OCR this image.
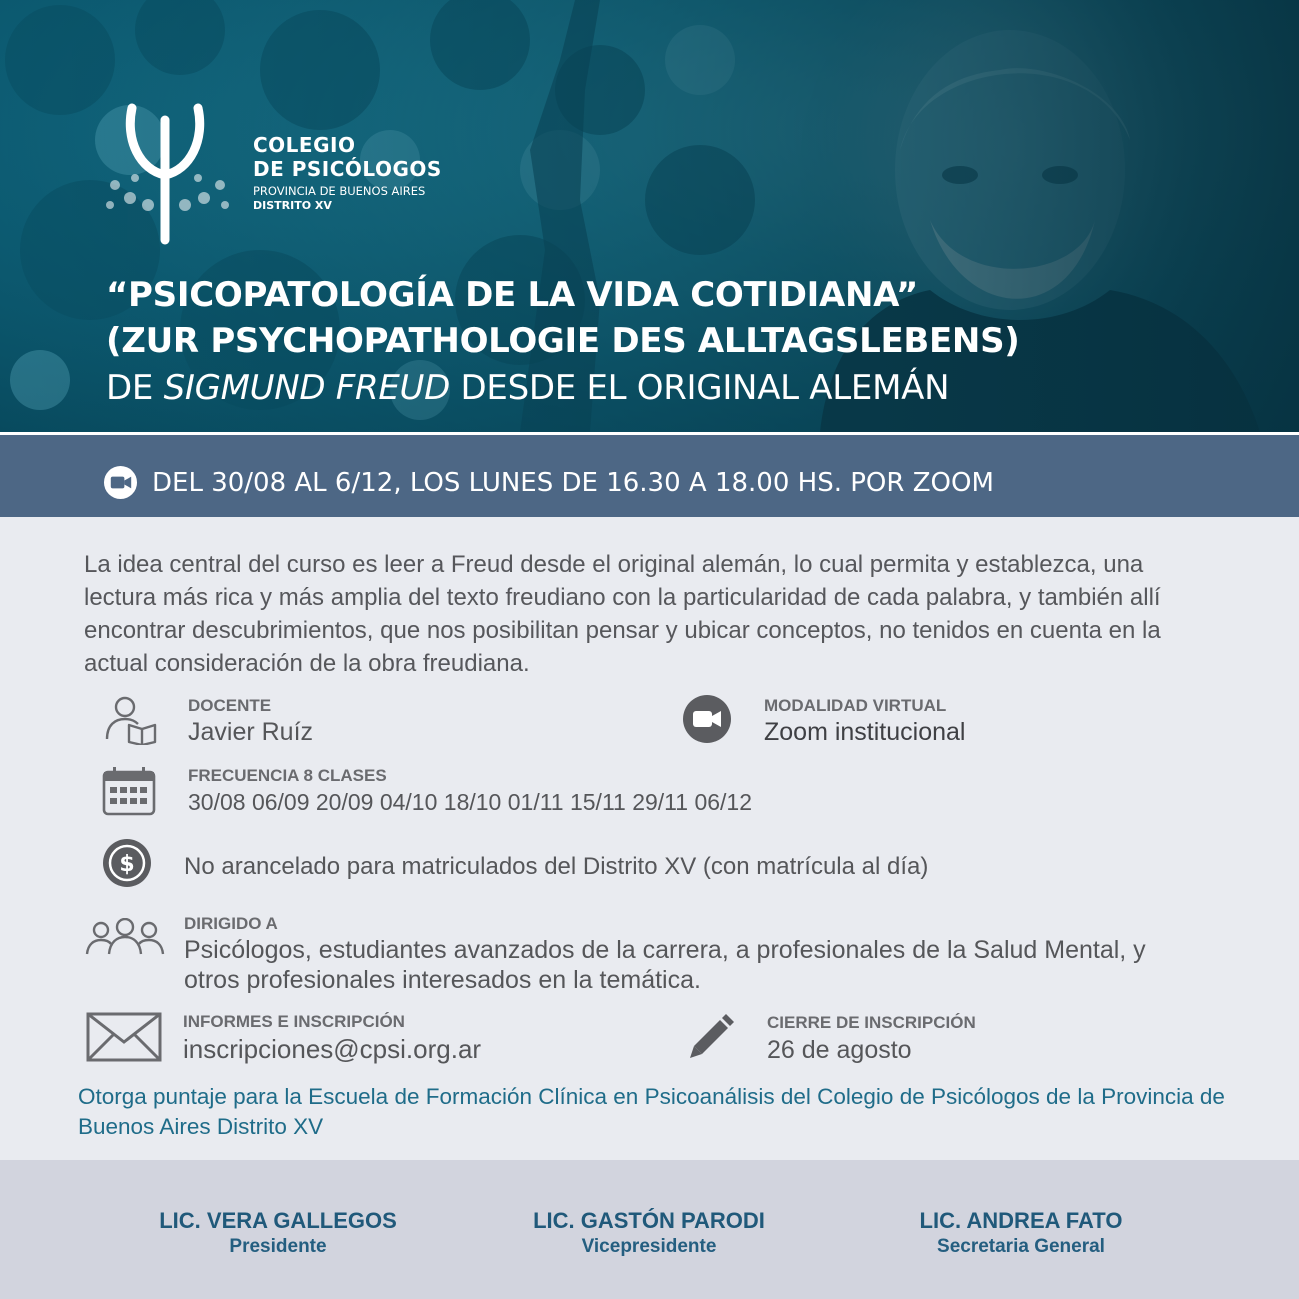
COLEGIO
DE PSICÓLOGOS
PROVINCIA DE BUENOS AIRES
DISTRITO XV
“PSICOPATOLOGÍA DE LA VIDA COTIDIANA”
(ZUR PSYCHOPATHOLOGIE DES ALLTAGSLEBENS)
DE SIGMUND FREUD DESDE EL ORIGINAL ALEMÁN
DEL 30/08 AL 6/12, LOS LUNES DE 16.30 A 18.00 HS. POR ZOOM
La idea central del curso es leer a Freud desde el original alemán, lo cual permita y establezca, una lectura más rica y más amplia del texto freudiano con la particularidad de cada palabra, y también allí encontrar descubrimientos, que nos posibilitan pensar y ubicar conceptos, no tenidos en cuenta en la actual consideración de la obra freudiana.
DOCENTE
Javier Ruíz
MODALIDAD VIRTUAL
Zoom institucional
FRECUENCIA 8 CLASES
30/08 06/09 20/09 04/10 18/10 01/11 15/11 29/11 06/12
$ No arancelado para matriculados del Distrito XV (con matrícula al día)
DIRIGIDO A
Psicólogos, estudiantes avanzados de la carrera, a profesionales de la Salud Mental, y otros profesionales interesados en la temática.
INFORMES E INSCRIPCIÓN
inscripciones@cpsi.org.ar
CIERRE DE INSCRIPCIÓN
26 de agosto
Otorga puntaje para la Escuela de Formación Clínica en Psicoanálisis del Colegio de Psicólogos de la Provincia de Buenos Aires Distrito XV
LIC. VERA GALLEGOS
Presidente
LIC. GASTÓN PARODI
Vicepresidente
LIC. ANDREA FATO
Secretaria General
